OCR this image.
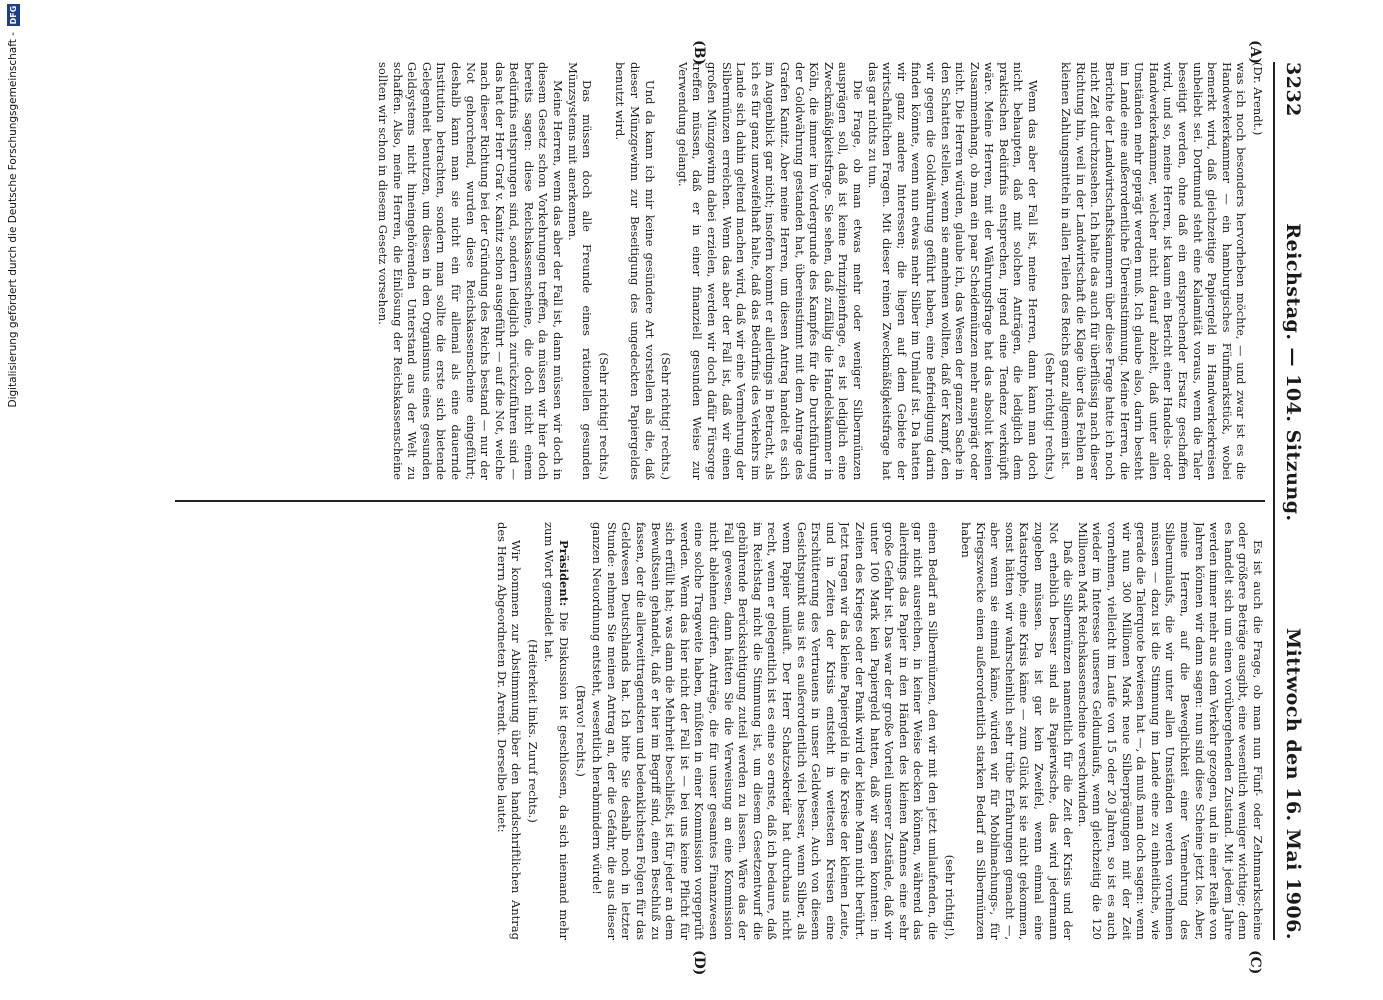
3232
Reichstag. — 104. Sitzung.
Mittwoch den 16. Mai 1906.
(A)
(B)
(C)
(D)

(Dr. Arendt.)

was ich noch besonders hervorheben möchte, — und zwar ist es die Handwerkerkammer — ein hamburgisches Fünfmarkstück, wobei bemerkt wird, daß gleichzeitige Papiergeld in Handwerkerkreisen unbeliebt sei. Dortmund steht eine Kalamität voraus, wenn die Taler beseitigt werden, ohne daß ein entsprechender Ersatz geschaffen wird, und so, meine Herren, ist kaum ein Bericht einer Handels- oder Handwerkerkammer, welcher nicht darauf abzielt, daß unter allen Umständen mehr geprägt werden muß. Ich glaube also, darin besteht im Lande eine außerordentliche Übereinstimmung. Meine Herren, die Berichte der Landwirtschaftskammern über diese Frage hatte ich noch nicht Zeit durchzusehen. Ich halte das auch für überflüssig nach dieser Richtung hin, weil in der Landwirtschaft die Klage über das Fehlen an kleinen Zahlungsmitteln in allen Teilen des Reichs ganz allgemein ist.

(Sehr richtig! rechts.)

Wenn das aber der Fall ist, meine Herren, dann kann man doch nicht behaupten, daß mit solchen Anträgen, die lediglich dem praktischen Bedürfnis entsprechen, irgend eine Tendenz verknüpft wäre. Meine Herren, mit der Währungsfrage hat das absolut keinen Zusammenhang, ob man ein paar Scheidemünzen mehr ausprägt oder nicht. Die Herren würden, glaube ich, das Wesen der ganzen Sache in den Schatten stellen, wenn sie annehmen wollten, daß der Kampf, den wir gegen die Goldwährung geführt haben, eine Befriedigung darin finden könnte, wenn nun etwas mehr Silber im Umlauf ist. Da hatten wir ganz andere Interessen; die liegen auf dem Gebiete der wirtschaftlichen Fragen. Mit dieser reinen Zweckmäßigkeitsfrage hat das gar nichts zu tun.

Die Frage, ob man etwas mehr oder weniger Silbermünzen ausprägen soll, daß ist keine Prinzipienfrage, es ist lediglich eine Zweckmäßigkeitsfrage. Sie sehen, daß zufällig die Handelskammer in Köln, die immer im Vordergrunde des Kampfes für die Durchführung der Goldwährung gestanden hat, übereinstimmt mit dem Antrage des Grafen Kanitz. Aber meine Herren, um diesen Antrag handelt es sich im Augenblick gar nicht; insofern kommt er allerdings in Betracht, als ich es für ganz unzweifelhaft halte, daß das Bedürfnis des Verkehrs im Lande sich dahin geltend machen wird, daß wir eine Vermehrung der Silbermünzen erreichen. Wenn das aber der Fall ist, daß wir einen großen Münzgewinn dabei erzielen, werden wir doch dafür Fürsorge treffen müssen, daß er in einer finanziell gesunden Weise zur Verwendung gelangt.

(Sehr richtig! rechts.)

Und da kann ich mir keine gesündere Art vorstellen als die, daß dieser Münzgewinn zur Beseitigung des ungedeckten Papiergeldes benutzt wird.

(Sehr richtig! rechts.)

Das müssen doch alle Freunde eines rationellen gesunden Münzsystems mit anerkennen.

Meine Herren, wenn das aber der Fall ist, dann müssen wir doch in diesem Gesetz schon Vorkehrungen treffen, da müssen wir hier doch bereits sagen: diese Reichskassenscheine, die doch nicht einem Bedürfnis entsprungen sind, sondern lediglich zurückzuführen sind — das hat der Herr Graf v. Kanitz schon ausgeführt — auf die Not, welche nach dieser Richtung bei der Gründung des Reichs bestand — nur der Not gehorchend, wurden diese Reichskassenscheine eingeführt; deshalb kann man sie nicht ein für allemal als eine dauernde Institution betrachten, sondern man sollte die erste sich bietende Gelegenheit benutzen, um diesen in den Organismus eines gesunden Geldsystems nicht hineingehörenden Unterstand aus der Welt zu schaffen. Also, meine Herren, die Einlösung der Reichskassenscheine sollten wir schon in diesem Gesetz vorsehen.

Es ist auch die Frage, ob man nun Fünf- oder Zehnmarkscheine oder größere Beträge ausgibt, eine wesentlich weniger wichtige; denn es handelt sich um einen vorübergehenden Zustand. Mit jedem Jahre werden immer mehr aus dem Verkehr gezogen, und in einer Reihe von Jahren können wir dann sagen: nun sind diese Scheine jetzt los. Aber, meine Herren, auf die Beweglichkeit einer Vermehrung des Silberumlaufs, die wir unter allen Umständen werden vornehmen müssen — dazu ist die Stimmung im Lande eine zu einheitliche, wie gerade die Talerquote bewiesen hat —, da muß man doch sagen: wenn wir nun 300 Millionen Mark neue Silberprägungen mit der Zeit vornehmen, vielleicht im Laufe von 15 oder 20 Jahren, so ist es auch wieder im Interesse unseres Geldumlaufs, wenn gleichzeitig die 120 Millionen Mark Reichskassenscheine verschwinden.

Daß die Silbermünzen namentlich für die Zeit der Krisis und der Not erheblich besser sind als Papierwische, das wird jedermann zugeben müssen. Da ist gar kein Zweifel, wenn einmal eine Katastrophe, eine Krisis käme — zum Glück ist sie nicht gekommen, sonst hätten wir wahrscheinlich sehr trübe Erfahrungen gemacht —, aber wenn sie einmal käme, würden wir für Mobilmachungs-, für Kriegszwecke einen außerordentlich starken Bedarf an Silbermünzen haben

(sehr richtig!),

einen Bedarf an Silbermünzen, den wir mit den jetzt umlaufenden, die gar nicht ausreichen, in keiner Weise decken können, während das allerdings das Papier in den Händen des kleinen Mannes eine sehr große Gefahr ist. Das war der große Vorteil unserer Zustände, daß wir unter 100 Mark kein Papiergeld hatten, daß wir sagen konnten: in Zeiten des Krieges oder der Panik wird der kleine Mann nicht berührt. Jetzt tragen wir das kleine Papiergeld in die Kreise der kleinen Leute, und in Zeiten der Krisis entsteht in weitesten Kreisen eine Erschütterung des Vertrauens in unser Geldwesen. Auch von diesem Gesichtspunkt aus ist es außerordentlich viel besser, wenn Silber, als wenn Papier umläuft. Der Herr Schatzsekretär hat durchaus nicht recht, wenn er gelegentlich ist es eine so ernste, daß ich bedaure, daß im Reichstag nicht die Stimmung ist, um diesem Gesetzentwurf die gebührende Berücksichtigung zuteil werden zu lassen. Wäre das der Fall gewesen, dann hätten Sie die Verweisung an eine Kommission nicht ablehnen dürfen. Anträge, die für unser gesamtes Finanzwesen eine solche Tragweite haben, müßten in einer Kommission vorgeprüft werden. Wenn das hier nicht der Fall ist — bei uns keine Pflicht für sich erfüllt hat; was dann die Mehrheit beschließt, ist für jeder an dem Bewußtsein gehandelt, daß er hier im Begriff sind, einen Beschluß zu fassen, der die allerweittragendsten und bedenklichsten Folgen für das Geldwesen Deutschlands hat. Ich bitte Sie deshalb noch in letzter Stunde: nehmen Sie meinen Antrag an, der die Gefahr, die aus dieser ganzen Neuordnung entsteht, wesentlich herabmindern würde!

(Bravo! rechts.)

Präsident: Die Diskussion ist geschlossen, da sich niemand mehr zum Wort gemeldet hat.

(Heiterkeit links. Zuruf rechts.)

Wir kommen zur Abstimmung über den handschriftlichen Antrag des Herrn Abgeordneten Dr. Arendt. Derselbe lautet:

Digitalisierung gefördert durch die Deutsche Forschungsgemeinschaft -
DFG
